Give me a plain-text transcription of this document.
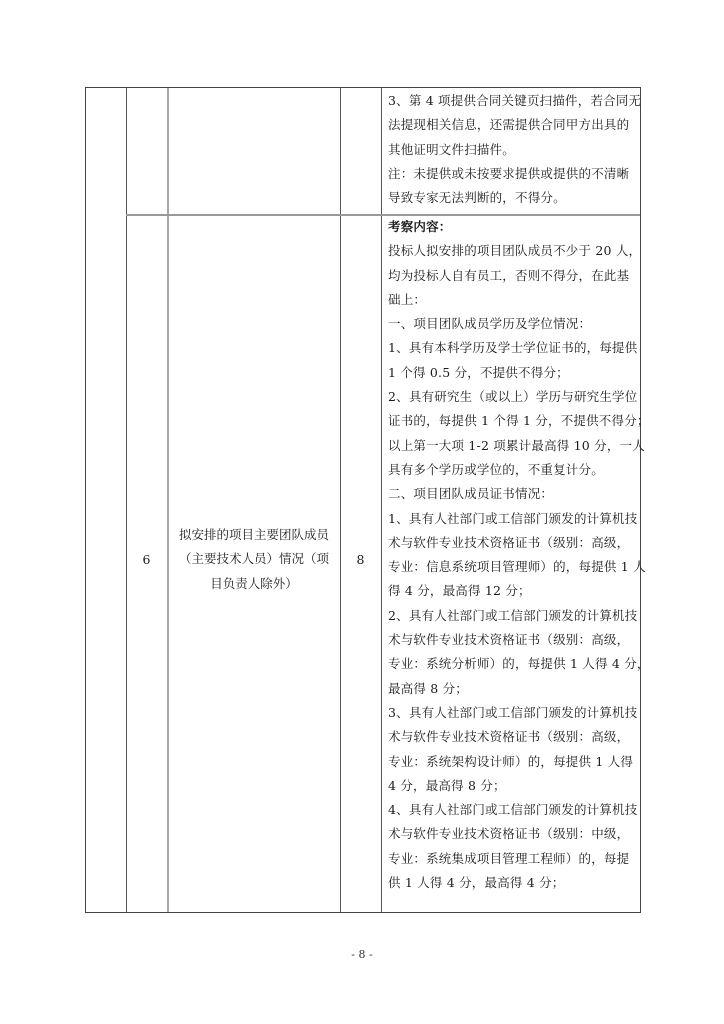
3、第 4 项提供合同关键页扫描件，若合同无
法提现相关信息，还需提供合同甲方出具的
其他证明文件扫描件。
注：未提供或未按要求提供或提供的不清晰
导致专家无法判断的，不得分。
6
拟安排的项目主要团队成员
（主要技术人员）情况（项
目负责人除外）
8
考察内容：
投标人拟安排的项目团队成员不少于 20 人，
均为投标人自有员工，否则不得分，在此基
础上：
一、项目团队成员学历及学位情况：
1、具有本科学历及学士学位证书的，每提供
1 个得 0.5 分，不提供不得分；
2、具有研究生（或以上）学历与研究生学位
证书的，每提供 1 个得 1 分，不提供不得分；
以上第一大项 1-2 项累计最高得 10 分，一人
具有多个学历或学位的，不重复计分。
二、项目团队成员证书情况：
1、具有人社部门或工信部门颁发的计算机技
术与软件专业技术资格证书（级别：高级，
专业：信息系统项目管理师）的，每提供 1 人
得 4 分，最高得 12 分；
2、具有人社部门或工信部门颁发的计算机技
术与软件专业技术资格证书（级别：高级，
专业：系统分析师）的，每提供 1 人得 4 分，
最高得 8 分；
3、具有人社部门或工信部门颁发的计算机技
术与软件专业技术资格证书（级别：高级，
专业：系统架构设计师）的，每提供 1 人得
4 分，最高得 8 分；
4、具有人社部门或工信部门颁发的计算机技
术与软件专业技术资格证书（级别：中级，
专业：系统集成项目管理工程师）的，每提
供 1 人得 4 分，最高得 4 分；
- 8 -
